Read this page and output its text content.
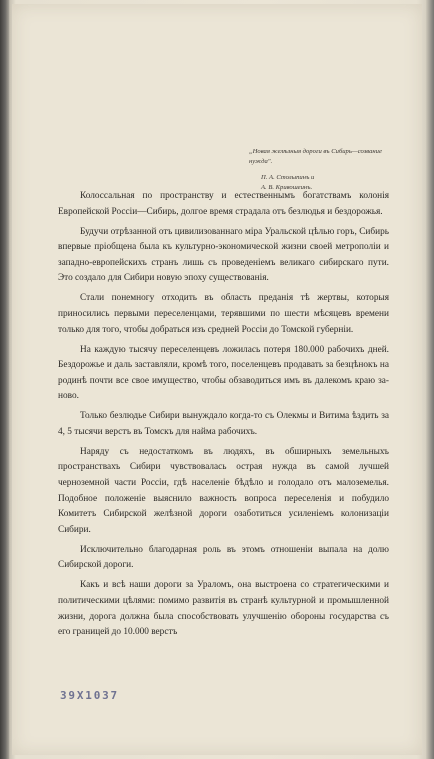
„Новая желѣзныя дороги въ Сибирь—созвание нужда".

П. А. Столыпинъ и
А. В. Кривошеинъ.

Колоссальная по пространству и естественнымъ богатствамъ колонія Европейской Россіи—Сибирь, долгое время страдала отъ безлюдья и бездорожья.

Будучи отрѣзанной отъ цивилизованнаго міра Уральской цѣлью горъ, Сибирь впервые пріобщена была къ культурно-экономической жизни своей метрополіи и западно-европейскихъ странъ лишь съ проведеніемъ великаго сибирскаго пути. Это создало для Сибири новую эпоху существованія.

Стали понемногу отходить въ область преданія тѣ жертвы, которыя приносились первыми переселенцами, терявшими по шести мѣсяцевъ времени только для того, чтобы добраться изъ средней Россіи до Томской губерніи.

На каждую тысячу переселенцевъ ложилась потеря 180.000 рабочихъ дней. Бездорожье и даль заставляли, кромѣ того, поселенцевъ продавать за безцѣнокъ на родинѣ почти все свое имущество, чтобы обзаводиться имъ въ далекомъ краю за-ново.

Только безлюдье Сибири вынуждало когда-то съ Олекмы и Витима ѣздить за 4, 5 тысячи верстъ въ Томскъ для найма рабочихъ.

Наряду съ недостаткомъ въ людяхъ, въ обширныхъ земельныхъ пространствахъ Сибири чувствовалась острая нужда въ самой лучшей черноземной части Россіи, гдѣ населеніе бѣдѣло и голодало отъ малоземелья. Подобное положеніе выяснило важность вопроса переселенія и побудило Комитетъ Сибирской желѣзной дороги озаботиться усиленіемъ колонизаціи Сибири.

Исключительно благодарная роль въ этомъ отношеніи выпала на долю Сибирской дороги.

Какъ и всѣ наши дороги за Ураломъ, она выстроена со стратегическими и политическими цѣлями: помимо развитія въ странѣ культурной и промышленной жизни, дорога должна была способствовать улучшенію обороны государства съ его границей до 10.000 верстъ

39X1037
